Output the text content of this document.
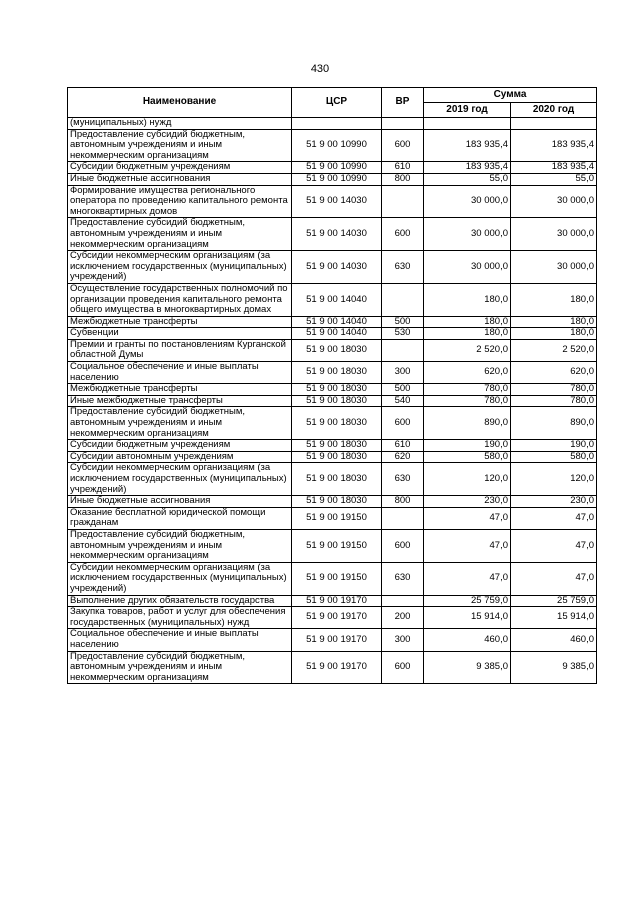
430
Наименование	ЦСР	ВР	Сумма	
			2019 год	2020 год
(муниципальных) нужд				
Предоставление субсидий бюджетным, автономным учреждениям и иным некоммерческим организациям	51 9 00 10990	600	183 935,4	183 935,4
Субсидии бюджетным учреждениям	51 9 00 10990	610	183 935,4	183 935,4
Иные бюджетные ассигнования	51 9 00 10990	800	55,0	55,0
Формирование имущества регионального оператора по проведению капитального ремонта многоквартирных домов	51 9 00 14030		30 000,0	30 000,0
Предоставление субсидий бюджетным, автономным учреждениям и иным некоммерческим организациям	51 9 00 14030	600	30 000,0	30 000,0
Субсидии некоммерческим организациям (за исключением государственных (муниципальных) учреждений)	51 9 00 14030	630	30 000,0	30 000,0
Осуществление государственных полномочий по организации проведения капитального ремонта общего имущества в многоквартирных домах	51 9 00 14040		180,0	180,0
Межбюджетные трансферты	51 9 00 14040	500	180,0	180,0
Субвенции	51 9 00 14040	530	180,0	180,0
Премии и гранты по постановлениям Курганской областной Думы	51 9 00 18030		2 520,0	2 520,0
Социальное обеспечение и иные выплаты населению	51 9 00 18030	300	620,0	620,0
Межбюджетные трансферты	51 9 00 18030	500	780,0	780,0
Иные межбюджетные трансферты	51 9 00 18030	540	780,0	780,0
Предоставление субсидий бюджетным, автономным учреждениям и иным некоммерческим организациям	51 9 00 18030	600	890,0	890,0
Субсидии бюджетным учреждениям	51 9 00 18030	610	190,0	190,0
Субсидии автономным учреждениям	51 9 00 18030	620	580,0	580,0
Субсидии некоммерческим организациям (за исключением государственных (муниципальных) учреждений)	51 9 00 18030	630	120,0	120,0
Иные бюджетные ассигнования	51 9 00 18030	800	230,0	230,0
Оказание бесплатной юридической помощи гражданам	51 9 00 19150		47,0	47,0
Предоставление субсидий бюджетным, автономным учреждениям и иным некоммерческим организациям	51 9 00 19150	600	47,0	47,0
Субсидии некоммерческим организациям (за исключением государственных (муниципальных) учреждений)	51 9 00 19150	630	47,0	47,0
Выполнение других обязательств государства	51 9 00 19170		25 759,0	25 759,0
Закупка товаров, работ и услуг для обеспечения государственных (муниципальных) нужд	51 9 00 19170	200	15 914,0	15 914,0
Социальное обеспечение и иные выплаты населению	51 9 00 19170	300	460,0	460,0
Предоставление субсидий бюджетным, автономным учреждениям и иным некоммерческим организациям	51 9 00 19170	600	9 385,0	9 385,0
